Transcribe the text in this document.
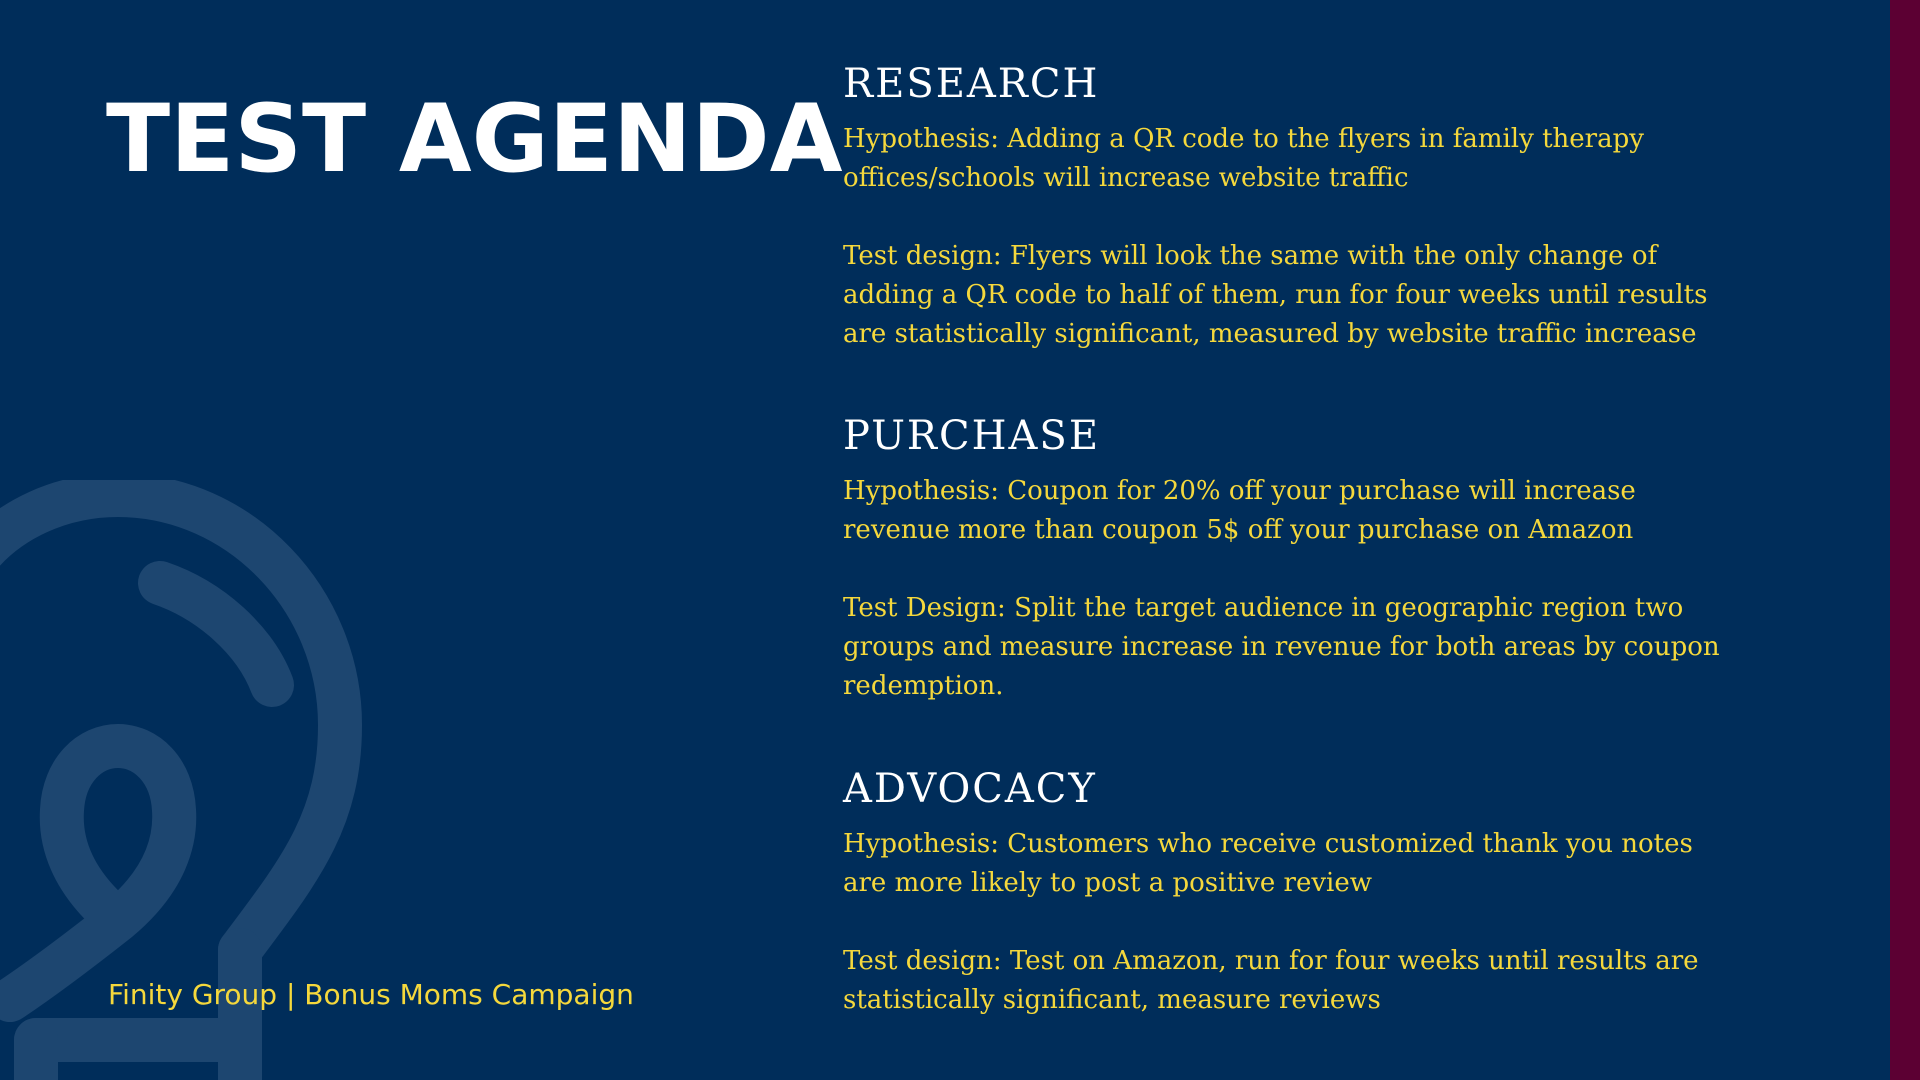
TEST AGENDA
Finity Group | Bonus Moms Campaign
RESEARCH

Hypothesis: Adding a QR code to the flyers in family therapy offices/schools will increase website traffic

Test design: Flyers will look the same with the only change of adding a QR code to half of them, run for four weeks until results are statistically significant, measured by website traffic increase

PURCHASE

Hypothesis: Coupon for 20% off your purchase will increase revenue more than coupon 5$ off your purchase on Amazon

Test Design: Split the target audience in geographic region two groups and measure increase in revenue for both areas by coupon redemption.

ADVOCACY

Hypothesis: Customers who receive customized thank you notes are more likely to post a positive review

Test design: Test on Amazon, run for four weeks until results are statistically significant, measure reviews
